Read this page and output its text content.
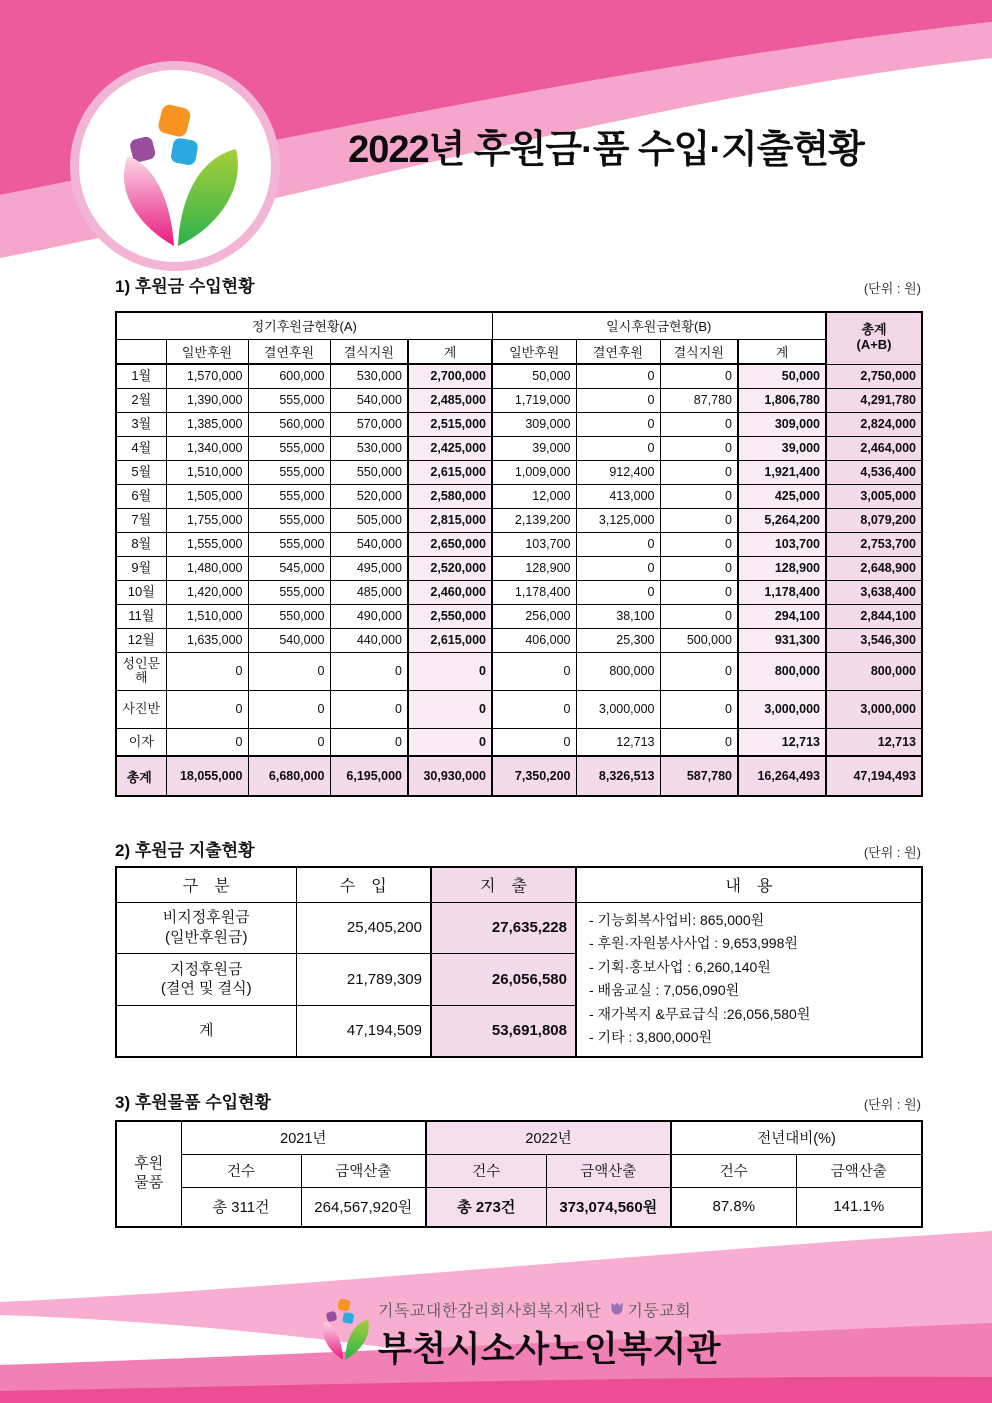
2022년 후원금·품 수입·지출현황
1) 후원금 수입현황	(단위 : 원)
정기후원금현황(A)					일시후원금현황(B)				총계
(A+B)

	일반후원	결연후원	결식지원	계	일반후원	결연후원	결식지원	계	
1월	1,570,000	600,000	530,000	2,700,000	50,000	0	0	50,000	2,750,000
2월	1,390,000	555,000	540,000	2,485,000	1,719,000	0	87,780	1,806,780	4,291,780
3월	1,385,000	560,000	570,000	2,515,000	309,000	0	0	309,000	2,824,000
4월	1,340,000	555,000	530,000	2,425,000	39,000	0	0	39,000	2,464,000
5월	1,510,000	555,000	550,000	2,615,000	1,009,000	912,400	0	1,921,400	4,536,400
6월	1,505,000	555,000	520,000	2,580,000	12,000	413,000	0	425,000	3,005,000
7월	1,755,000	555,000	505,000	2,815,000	2,139,200	3,125,000	0	5,264,200	8,079,200
8월	1,555,000	555,000	540,000	2,650,000	103,700	0	0	103,700	2,753,700
9월	1,480,000	545,000	495,000	2,520,000	128,900	0	0	128,900	2,648,900
10월	1,420,000	555,000	485,000	2,460,000	1,178,400	0	0	1,178,400	3,638,400
11월	1,510,000	550,000	490,000	2,550,000	256,000	38,100	0	294,100	2,844,100
12월	1,635,000	540,000	440,000	2,615,000	406,000	25,300	500,000	931,300	3,546,300
성인문해	0	0	0	0	0	800,000	0	800,000	800,000
사진반	0	0	0	0	0	3,000,000	0	3,000,000	3,000,000
이자	0	0	0	0	0	12,713	0	12,713	12,713
총계	18,055,000	6,680,000	6,195,000	30,930,000	7,350,200	8,326,513	587,780	16,264,493	47,194,493
2) 후원금 지출현황	(단위 : 원)
구　분	수　입	지　출	내　용

비지정후원금
(일반후원금)
	25,405,200	27,635,228	- 기능회복사업비: 865,000원
- 후원·자원봉사사업 : 9,653,998원
- 기획·홍보사업 : 6,260,140원
- 배움교실 : 7,056,090원
- 재가복지 &무료급식 :26,056,580원
- 기타 : 3,800,000원

지정후원금
(결연 및 결식)	21,789,309	26,056,580	
계	47,194,509	53,691,808	
3) 후원물품 수입현황	(단위 : 원)
후원
물품	2021년		2022년		전년대비(%)	
	건수	금액산출	건수	금액산출	건수	금액산출
	총 311건	264,567,920원	총 273건	373,074,560원	87.8%	141.1%
기독교대한감리회사회복지재단 기둥교회
부천시소사노인복지관
